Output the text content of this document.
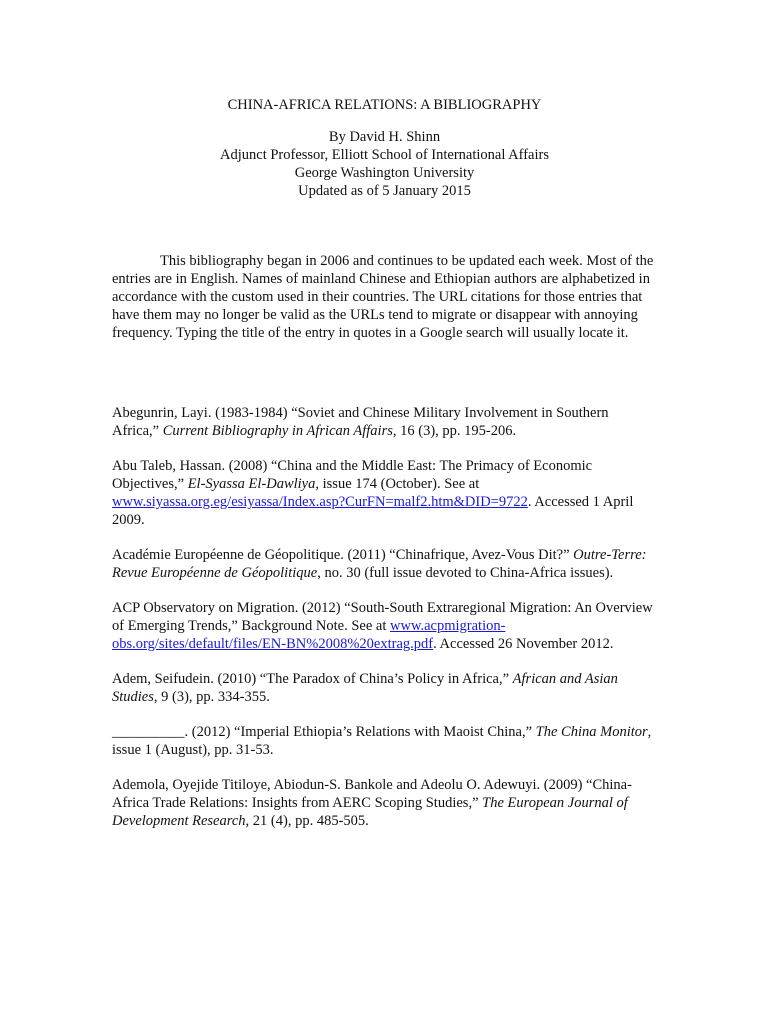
CHINA-AFRICA RELATIONS: A BIBLIOGRAPHY

By David H. Shinn
Adjunct Professor, Elliott School of International Affairs
George Washington University
Updated as of 5 January 2015

This bibliography began in 2006 and continues to be updated each week. Most of the entries are in English. Names of mainland Chinese and Ethiopian authors are alphabetized in accordance with the custom used in their countries. The URL citations for those entries that have them may no longer be valid as the URLs tend to migrate or disappear with annoying frequency. Typing the title of the entry in quotes in a Google search will usually locate it.

Abegunrin, Layi. (1983-1984) “Soviet and Chinese Military Involvement in Southern Africa,” Current Bibliography in African Affairs, 16 (3), pp. 195-206.

Abu Taleb, Hassan. (2008) “China and the Middle East: The Primacy of Economic Objectives,” El-Syassa El-Dawliya, issue 174 (October). See at www.siyassa.org.eg/esiyassa/Index.asp?CurFN=malf2.htm&DID=9722. Accessed 1 April 2009.

Académie Européenne de Géopolitique. (2011) “Chinafrique, Avez-Vous Dit?” Outre-Terre: Revue Européenne de Géopolitique, no. 30 (full issue devoted to China-Africa issues).

ACP Observatory on Migration. (2012) “South-South Extraregional Migration: An Overview of Emerging Trends,” Background Note. See at www.acpmigration-obs.org/sites/default/files/EN-BN%2008%20extrag.pdf. Accessed 26 November 2012.

Adem, Seifudein. (2010) “The Paradox of China’s Policy in Africa,” African and Asian Studies, 9 (3), pp. 334-355.

__________. (2012) “Imperial Ethiopia’s Relations with Maoist China,” The China Monitor, issue 1 (August), pp. 31-53.

Ademola, Oyejide Titiloye, Abiodun-S. Bankole and Adeolu O. Adewuyi. (2009) “China-Africa Trade Relations: Insights from AERC Scoping Studies,” The European Journal of Development Research, 21 (4), pp. 485-505.
